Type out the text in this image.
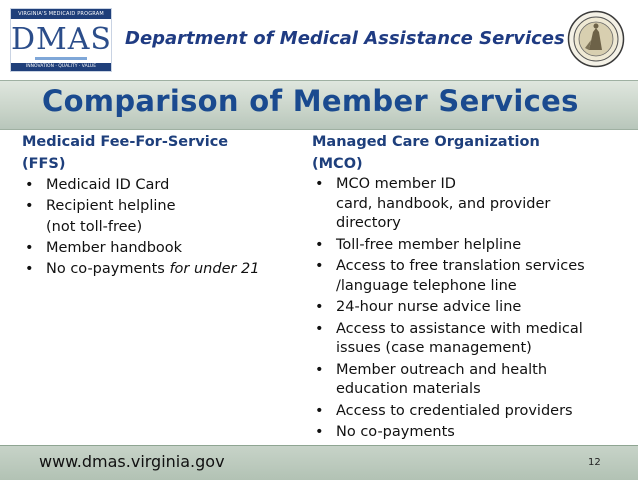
VIRGINIA'S MEDICAID PROGRAM
DMAS
INNOVATION · QUALITY · VALUE
Department of Medical Assistance Services
Comparison of Member Services
Medicaid Fee-For-Service
(FFS)
• Medicaid ID Card
• Recipient helpline
(not toll-free)
• Member handbook
• No co-payments for under 21
Managed Care Organization
(MCO)
• MCO member ID
card, handbook, and provider
directory
• Toll-free member helpline
• Access to free translation services
/language telephone line
• 24-hour nurse advice line
• Access to assistance with medical
issues (case management)
• Member outreach and health
education materials
• Access to credentialed providers
• No co-payments
www.dmas.virginia.gov	12
